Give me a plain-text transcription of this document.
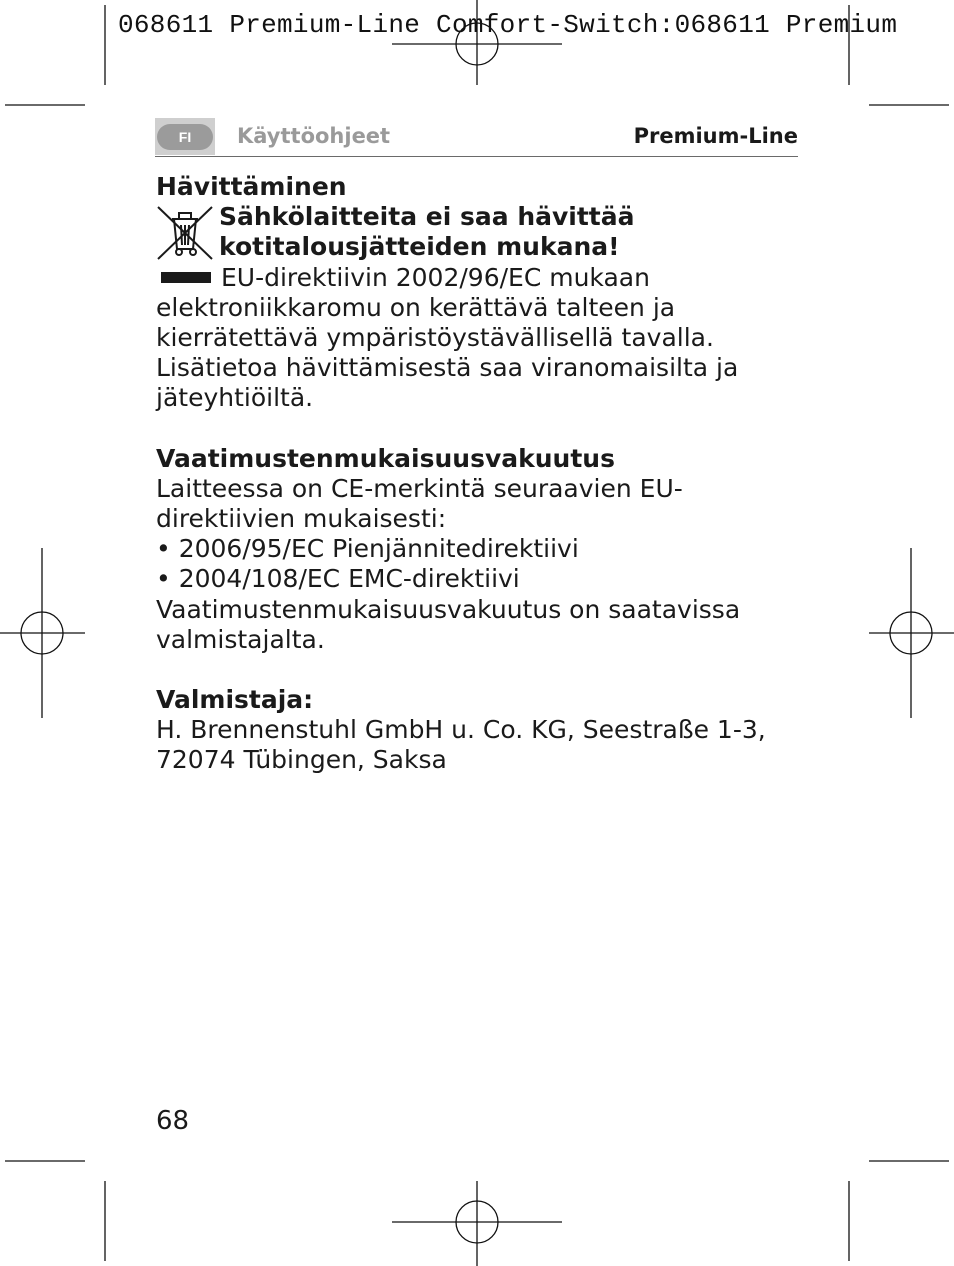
068611 Premium-Line Comfort-Switch:068611 Premium
FI	Käyttöohjeet	Premium-Line

Hävittäminen

Sähkölaitteita ei saa hävittää

kotitalousjätteiden mukana!

EU-direktiivin 2002/96/EC mukaan elektroniikkaromu on kerättävä talteen ja kierrätettävä ympäristöystävällisellä tavalla. Lisätietoa hävittämisestä saa viranomaisilta ja jäteyhtiöiltä.

Vaatimustenmukaisuusvakuutus

Laitteessa on CE-merkintä seuraavien EU-direktiivien mukaisesti:

• 2006/95/EC Pienjännitedirektiivi

• 2004/108/EC EMC-direktiivi

Vaatimustenmukaisuusvakuutus on saatavissa valmistajalta.

Valmistaja:

H. Brennenstuhl GmbH u. Co. KG, Seestraße 1-3,

72074 Tübingen, Saksa

68
